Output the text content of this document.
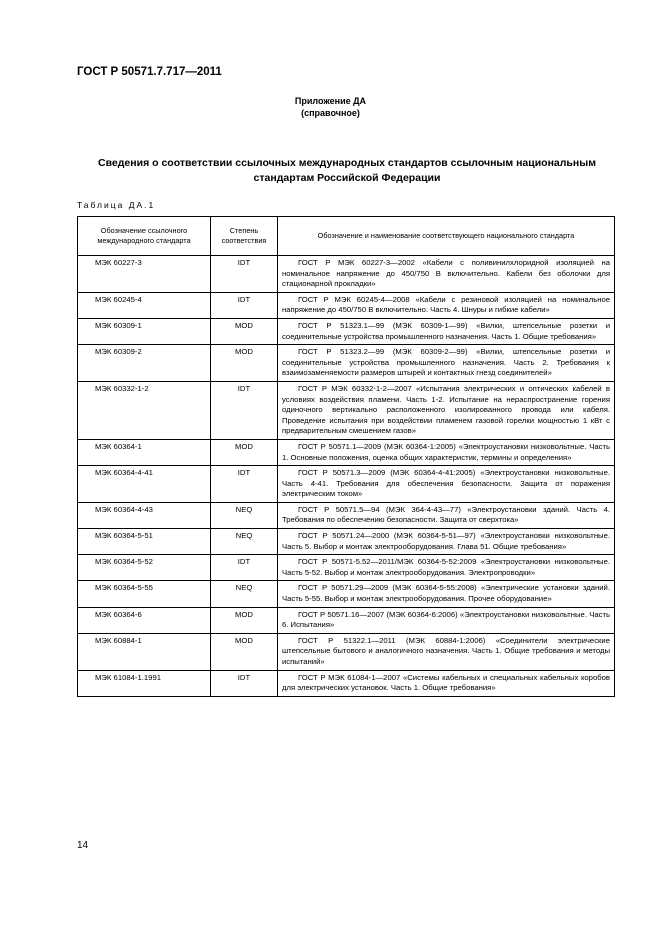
ГОСТ Р 50571.7.717—2011
Приложение ДА
(справочное)
Сведения о соответствии ссылочных международных стандартов ссылочным национальным стандартам Российской Федерации
Таблица ДА.1
Обозначение ссылочного международного стандарта	Степень соответствия	Обозначение и наименование соответствующего национального стандарта
МЭК 60227-3	IDT	ГОСТ Р МЭК 60227-3—2002 «Кабели с поливинилхлоридной изоляцией на номинальное напряжение до 450/750 В включительно. Кабели без оболочки для стационарной прокладки»
МЭК 60245-4	IDT	ГОСТ Р МЭК 60245-4—2008 «Кабели с резиновой изоляцией на номинальное напряжение до 450/750 В включительно. Часть 4. Шнуры и гибкие кабели»
МЭК 60309-1	MOD	ГОСТ Р 51323.1—99 (МЭК 60309-1—99) «Вилки, штепсельные розетки и соединительные устройства промышленного назначения. Часть 1. Общие требования»
МЭК 60309-2	MOD	ГОСТ Р 51323.2—99 (МЭК 60309-2—99) «Вилки, штепсельные розетки и соединительные устройства промышленного назначения. Часть 2. Требования к взаимозаменяемости размеров штырей и контактных гнезд соединителей»
МЭК 60332-1-2	IDT	ГОСТ Р МЭК 60332-1-2—2007 «Испытания электрических и оптических кабелей в условиях воздействия пламени. Часть 1-2. Испытание на нераспространение горения одиночного вертикально расположенного изолированного провода или кабеля. Проведение испытания при воздействии пламенем газовой горелки мощностью 1 кВт с предварительным смешением газов»
МЭК 60364-1	MOD	ГОСТ Р 50571.1—2009 (МЭК 60364-1:2005) «Электроустановки низковольтные. Часть 1. Основные положения, оценка общих характеристик, термины и определения»
МЭК 60364-4-41	IDT	ГОСТ Р 50571.3—2009 (МЭК 60364-4-41:2005) «Электроустановки низковольтные. Часть 4-41. Требования для обеспечения безопасности. Защита от поражения электрическим током»
МЭК 60364-4-43	NEQ	ГОСТ Р 50571.5—94 (МЭК 364-4-43—77) «Электроустановки зданий. Часть 4. Требования по обеспечению безопасности. Защита от сверхтока»
МЭК 60364-5-51	NEQ	ГОСТ Р 50571.24—2000 (МЭК 60364-5-51—97) «Электроустановки низковольтные. Часть 5. Выбор и монтаж электрооборудования. Глава 51. Общие требования»
МЭК 60364-5-52	IDT	ГОСТ Р 50571-5.52—2011/МЭК 60364-5-52:2009 «Электроустановки низковольтные. Часть 5-52. Выбор и монтаж электрооборудования. Электропроводки»
МЭК 60364-5-55	NEQ	ГОСТ Р 50571.29—2009 (МЭК 60364-5-55:2008) «Электрические установки зданий. Часть 5-55. Выбор и монтаж электрооборудования. Прочее оборудование»
МЭК 60364-6	MOD	ГОСТ Р 50571.16—2007 (МЭК 60364-6:2006) «Электроустановки низковольтные. Часть 6. Испытания»
МЭК 60884-1	MOD	ГОСТ Р 51322.1—2011 (МЭК 60884-1:2006) «Соединители электрические штепсельные бытового и аналогичного назначения. Часть 1. Общие требования и методы испытаний»
МЭК 61084-1.1991	IDT	ГОСТ Р МЭК 61084-1—2007 «Системы кабельных и специальных кабельных коробов для электрических установок. Часть 1. Общие требования»
14
